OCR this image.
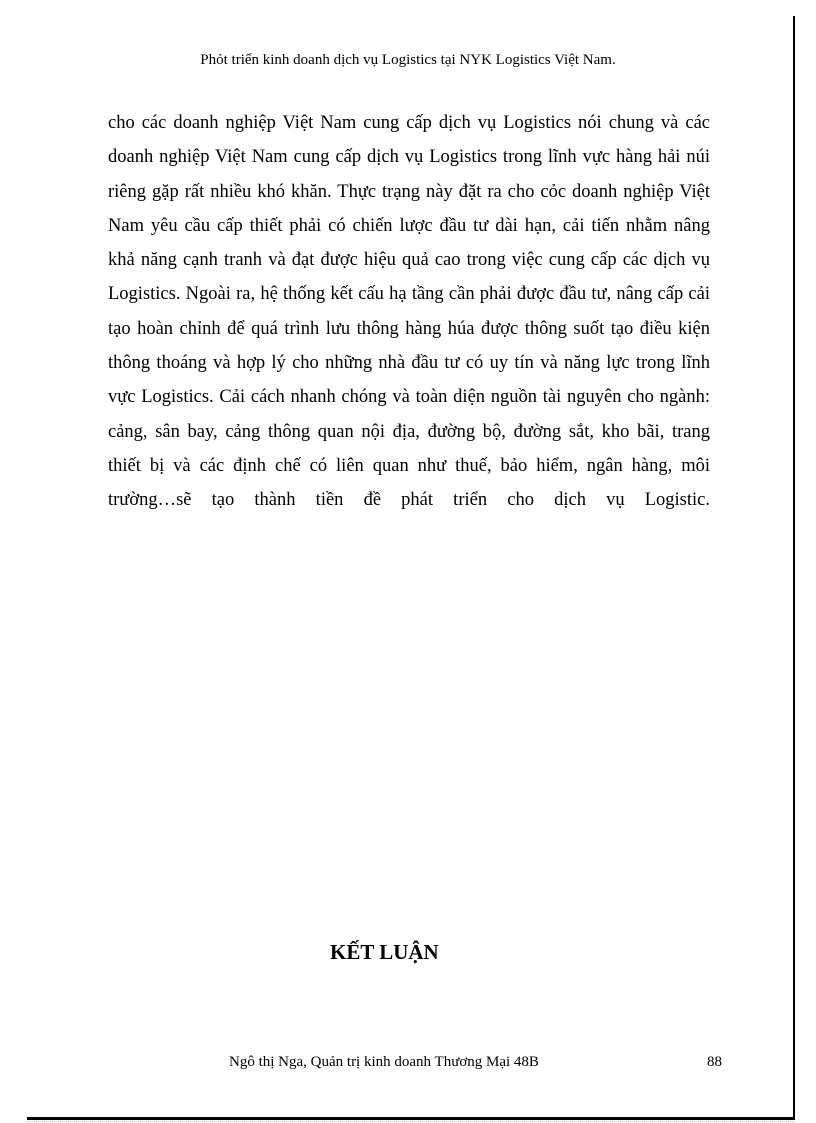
Phỏt triển kinh doanh dịch vụ Logistics tại NYK Logistics Việt Nam.
cho các doanh nghiệp Việt Nam cung cấp dịch vụ Logistics nói chung và các
doanh nghiệp Việt Nam cung cấp dịch vụ Logistics trong lĩnh vực hàng hải núi
riêng gặp rất nhiều khó khăn. Thực trạng này đặt ra cho cỏc doanh nghiệp Việt
Nam yêu cầu cấp thiết phải có chiến lược đầu tư dài hạn, cải tiến nhằm nâng
khả năng cạnh tranh và đạt được hiệu quả cao trong việc cung cấp các dịch vụ
Logistics. Ngoài ra, hệ thống kết cấu hạ tầng cần phải được đầu tư, nâng cấp cải
tạo hoàn chỉnh để quá trình lưu thông hàng húa được thông suốt tạo điều kiện
thông thoáng và hợp lý cho những nhà đầu tư có uy tín và năng lực trong lĩnh
vực Logistics. Cải cách nhanh chóng và toàn diện nguồn tài nguyên cho ngành:
cảng, sân bay, cảng thông quan nội địa, đường bộ, đường sắt, kho bãi, trang
thiết bị và các định chế có liên quan như thuế, bảo hiểm, ngân hàng, môi
trường…sẽ tạo thành tiền đề phát triển cho dịch vụ Logistic.
KẾT LUẬN
Ngô thị Nga, Quản trị kinh doanh Thương Mại 48B	88
